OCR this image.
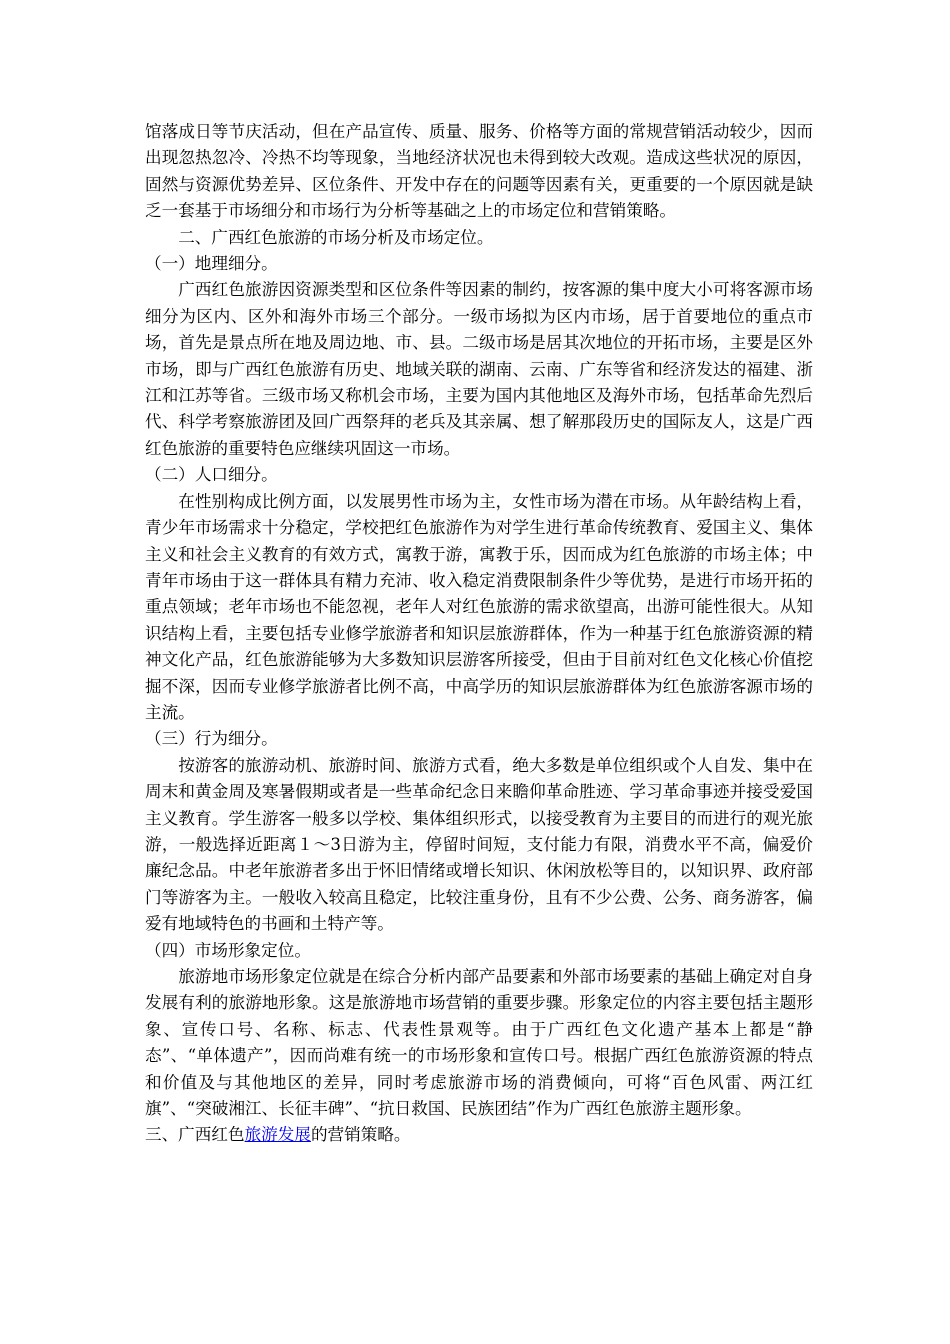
馆落成日等节庆活动，但在产品宣传、质量、服务、价格等方面的常规营销活动较少，因而出现忽热忽冷、冷热不均等现象，当地经济状况也未得到较大改观。造成这些状况的原因，固然与资源优势差异、区位条件、开发中存在的问题等因素有关，更重要的一个原因就是缺乏一套基于市场细分和市场行为分析等基础之上的市场定位和营销策略。

二、广西红色旅游的市场分析及市场定位。

（一）地理细分。

广西红色旅游因资源类型和区位条件等因素的制约，按客源的集中度大小可将客源市场细分为区内、区外和海外市场三个部分。一级市场拟为区内市场，居于首要地位的重点市场，首先是景点所在地及周边地、市、县。二级市场是居其次地位的开拓市场，主要是区外市场，即与广西红色旅游有历史、地域关联的湖南、云南、广东等省和经济发达的福建、浙江和江苏等省。三级市场又称机会市场，主要为国内其他地区及海外市场，包括革命先烈后代、科学考察旅游团及回广西祭拜的老兵及其亲属、想了解那段历史的国际友人，这是广西红色旅游的重要特色应继续巩固这一市场。

（二）人口细分。

在性别构成比例方面，以发展男性市场为主，女性市场为潜在市场。从年龄结构上看，青少年市场需求十分稳定，学校把红色旅游作为对学生进行革命传统教育、爱国主义、集体主义和社会主义教育的有效方式，寓教于游，寓教于乐，因而成为红色旅游的市场主体；中青年市场由于这一群体具有精力充沛、收入稳定消费限制条件少等优势，是进行市场开拓的重点领域；老年市场也不能忽视，老年人对红色旅游的需求欲望高，出游可能性很大。从知识结构上看，主要包括专业修学旅游者和知识层旅游群体，作为一种基于红色旅游资源的精神文化产品，红色旅游能够为大多数知识层游客所接受，但由于目前对红色文化核心价值挖掘不深，因而专业修学旅游者比例不高，中高学历的知识层旅游群体为红色旅游客源市场的主流。

（三）行为细分。

按游客的旅游动机、旅游时间、旅游方式看，绝大多数是单位组织或个人自发、集中在周末和黄金周及寒暑假期或者是一些革命纪念日来瞻仰革命胜迹、学习革命事迹并接受爱国主义教育。学生游客一般多以学校、集体组织形式，以接受教育为主要目的而进行的观光旅游，一般选择近距离１～3日游为主，停留时间短，支付能力有限，消费水平不高，偏爱价廉纪念品。中老年旅游者多出于怀旧情绪或增长知识、休闲放松等目的，以知识界、政府部门等游客为主。一般收入较高且稳定，比较注重身份，且有不少公费、公务、商务游客，偏爱有地域特色的书画和土特产等。

（四）市场形象定位。

旅游地市场形象定位就是在综合分析内部产品要素和外部市场要素的基础上确定对自身发展有利的旅游地形象。这是旅游地市场营销的重要步骤。形象定位的内容主要包括主题形象、宣传口号、名称、标志、代表性景观等。由于广西红色文化遗产基本上都是“静态”、“单体遗产”，因而尚难有统一的市场形象和宣传口号。根据广西红色旅游资源的特点和价值及与其他地区的差异，同时考虑旅游市场的消费倾向，可将“百色风雷、两江红旗”、“突破湘江、长征丰碑”、“抗日救国、民族团结”作为广西红色旅游主题形象。

三、广西红色旅游发展的营销策略。
